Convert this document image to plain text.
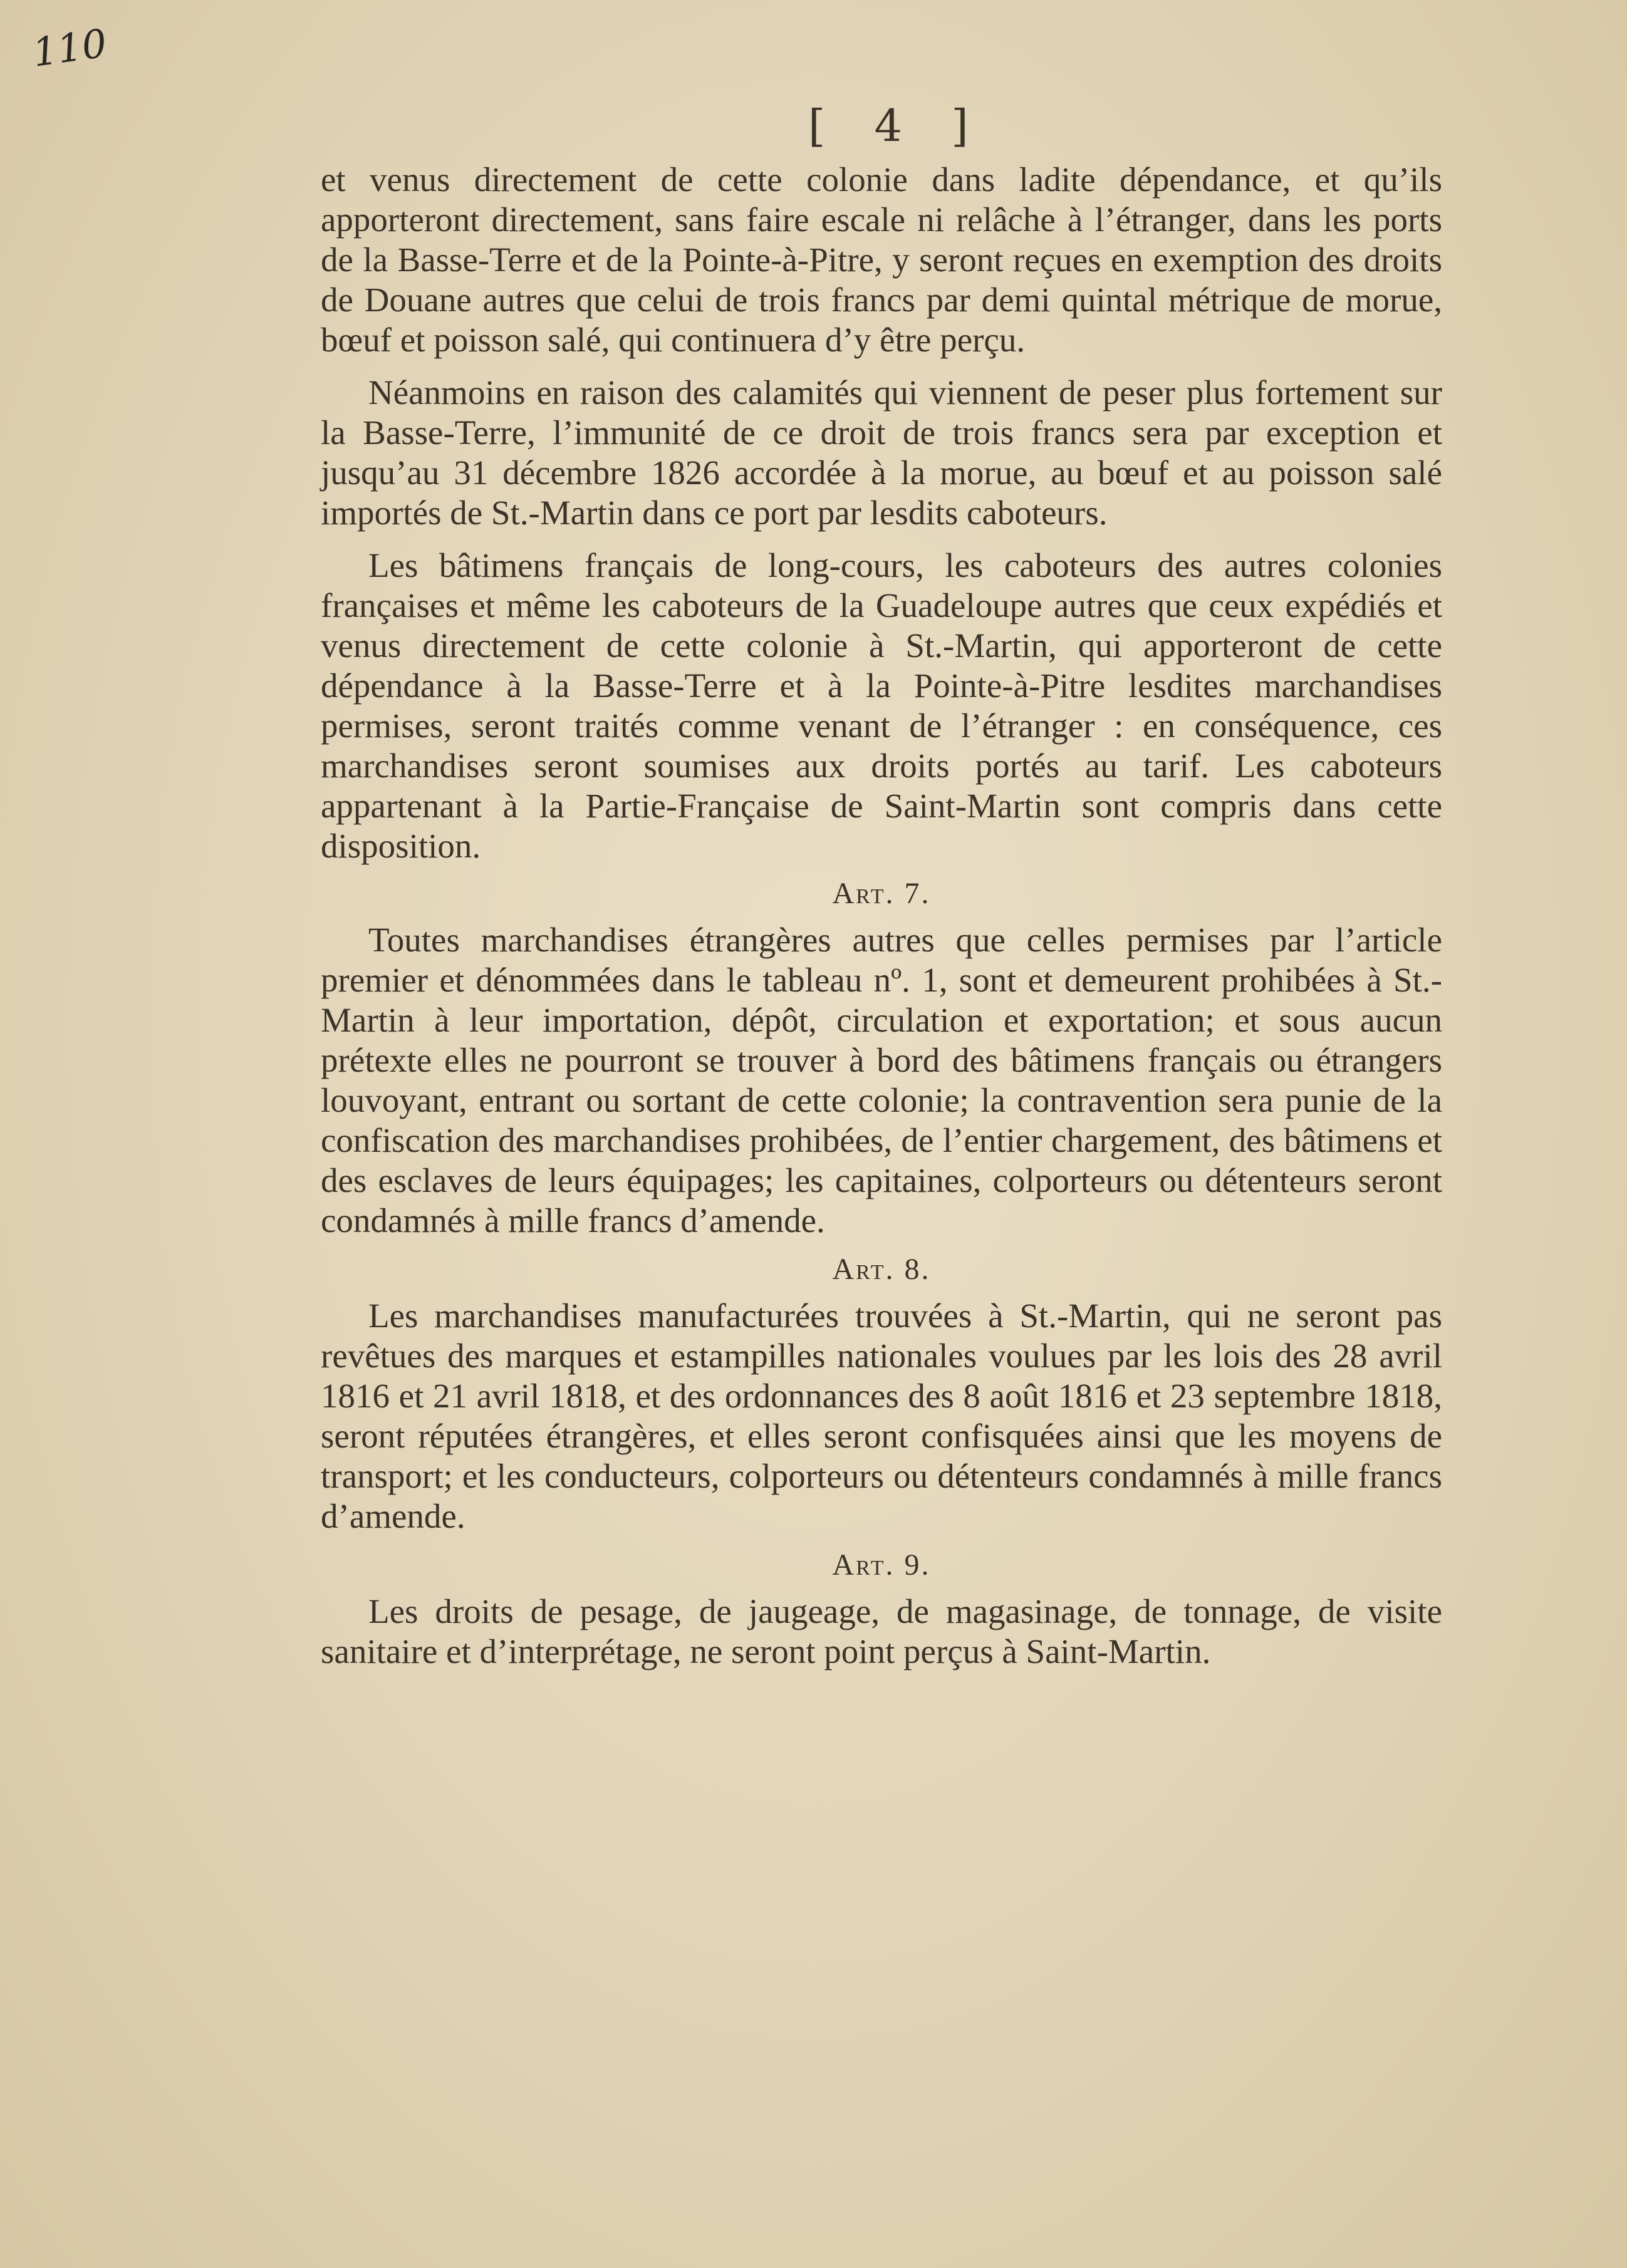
110
[ 4 ]

et venus directement de cette colonie dans ladite dépendance, et qu’ils apporteront directement, sans faire escale ni relâche à l’étranger, dans les ports de la Basse-Terre et de la Pointe-à-Pitre, y seront reçues en exemption des droits de Douane autres que celui de trois francs par demi quintal métrique de morue, bœuf et poisson salé, qui continuera d’y être perçu.

Néanmoins en raison des calamités qui viennent de peser plus fortement sur la Basse-Terre, l’immunité de ce droit de trois francs sera par exception et jusqu’au 31 décembre 1826 accordée à la morue, au bœuf et au poisson salé importés de St.-Martin dans ce port par lesdits caboteurs.

Les bâtimens français de long-cours, les caboteurs des autres colonies françaises et même les caboteurs de la Guadeloupe autres que ceux expédiés et venus directement de cette colonie à St.-Martin, qui apporteront de cette dépendance à la Basse-Terre et à la Pointe-à-Pitre lesdites marchandises permises, seront traités comme venant de l’étranger : en conséquence, ces marchandises seront soumises aux droits portés au tarif. Les caboteurs appartenant à la Partie-Française de Saint-Martin sont compris dans cette disposition.

Art. 7.

Toutes marchandises étrangères autres que celles permises par l’article premier et dénommées dans le tableau nº. 1, sont et demeurent prohibées à St.-Martin à leur importation, dépôt, circulation et exportation; et sous aucun prétexte elles ne pourront se trouver à bord des bâtimens français ou étrangers louvoyant, entrant ou sortant de cette colonie; la contravention sera punie de la confiscation des marchandises prohibées, de l’entier chargement, des bâtimens et des esclaves de leurs équipages; les capitaines, colporteurs ou détenteurs seront condamnés à mille francs d’amende.

Art. 8.

Les marchandises manufacturées trouvées à St.-Martin, qui ne seront pas revêtues des marques et estampilles nationales voulues par les lois des 28 avril 1816 et 21 avril 1818, et des ordonnances des 8 août 1816 et 23 septembre 1818, seront réputées étrangères, et elles seront confisquées ainsi que les moyens de transport; et les conducteurs, colporteurs ou détenteurs condamnés à mille francs d’amende.

Art. 9.

Les droits de pesage, de jaugeage, de magasinage, de tonnage, de visite sanitaire et d’interprétage, ne seront point perçus à Saint-Martin.
